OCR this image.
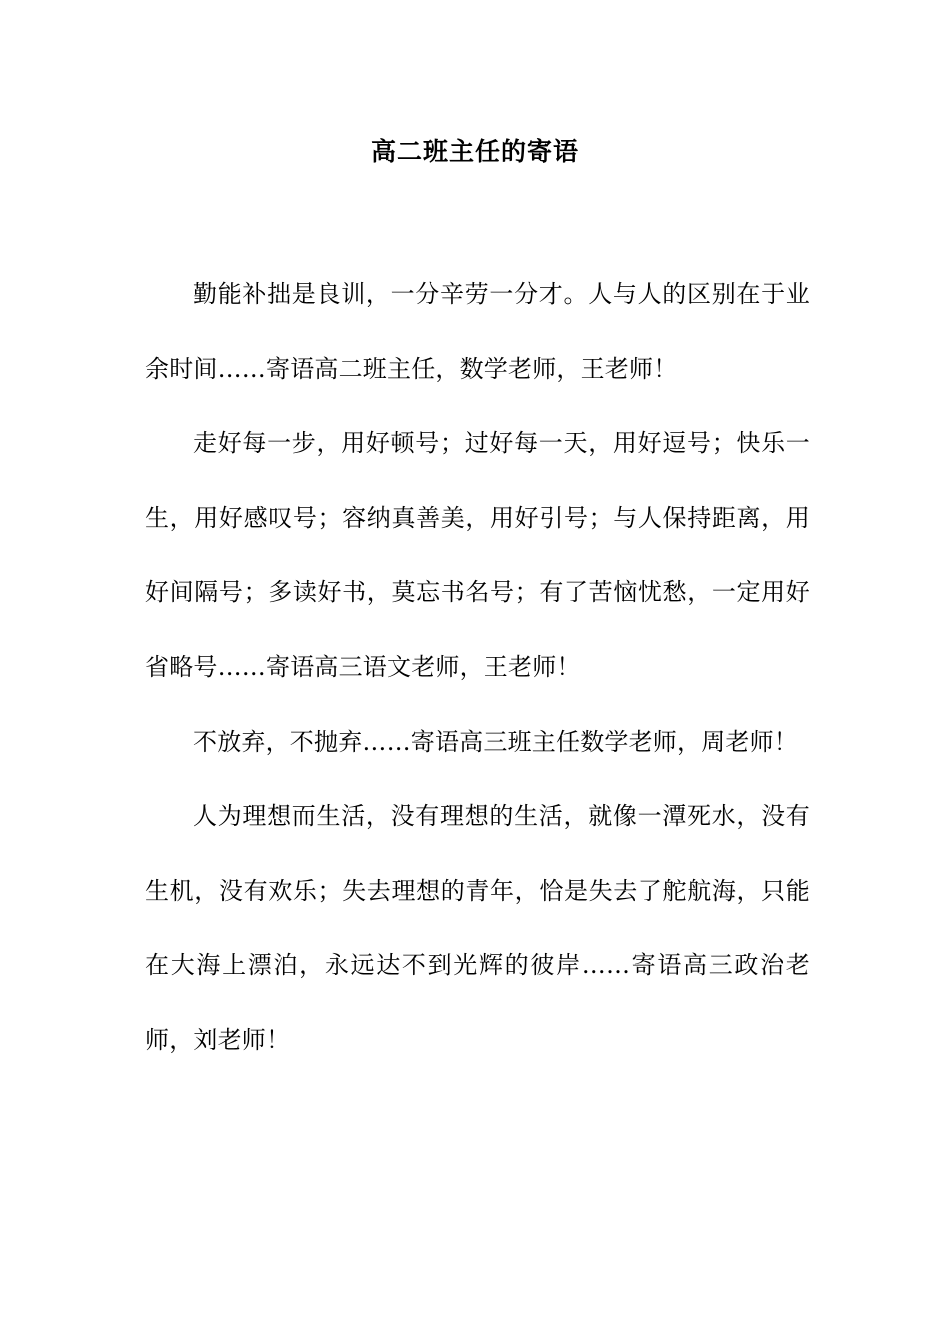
高二班主任的寄语

勤能补拙是良训，一分辛劳一分才。人与人的区别在于业余时间……寄语高二班主任，数学老师，王老师！

走好每一步，用好顿号；过好每一天，用好逗号；快乐一生，用好感叹号；容纳真善美，用好引号；与人保持距离，用好间隔号；多读好书，莫忘书名号；有了苦恼忧愁，一定用好省略号……寄语高三语文老师，王老师！

不放弃，不抛弃……寄语高三班主任数学老师，周老师！

人为理想而生活，没有理想的生活，就像一潭死水，没有生机，没有欢乐；失去理想的青年，恰是失去了舵航海，只能在大海上漂泊，永远达不到光辉的彼岸……寄语高三政治老师，刘老师！
